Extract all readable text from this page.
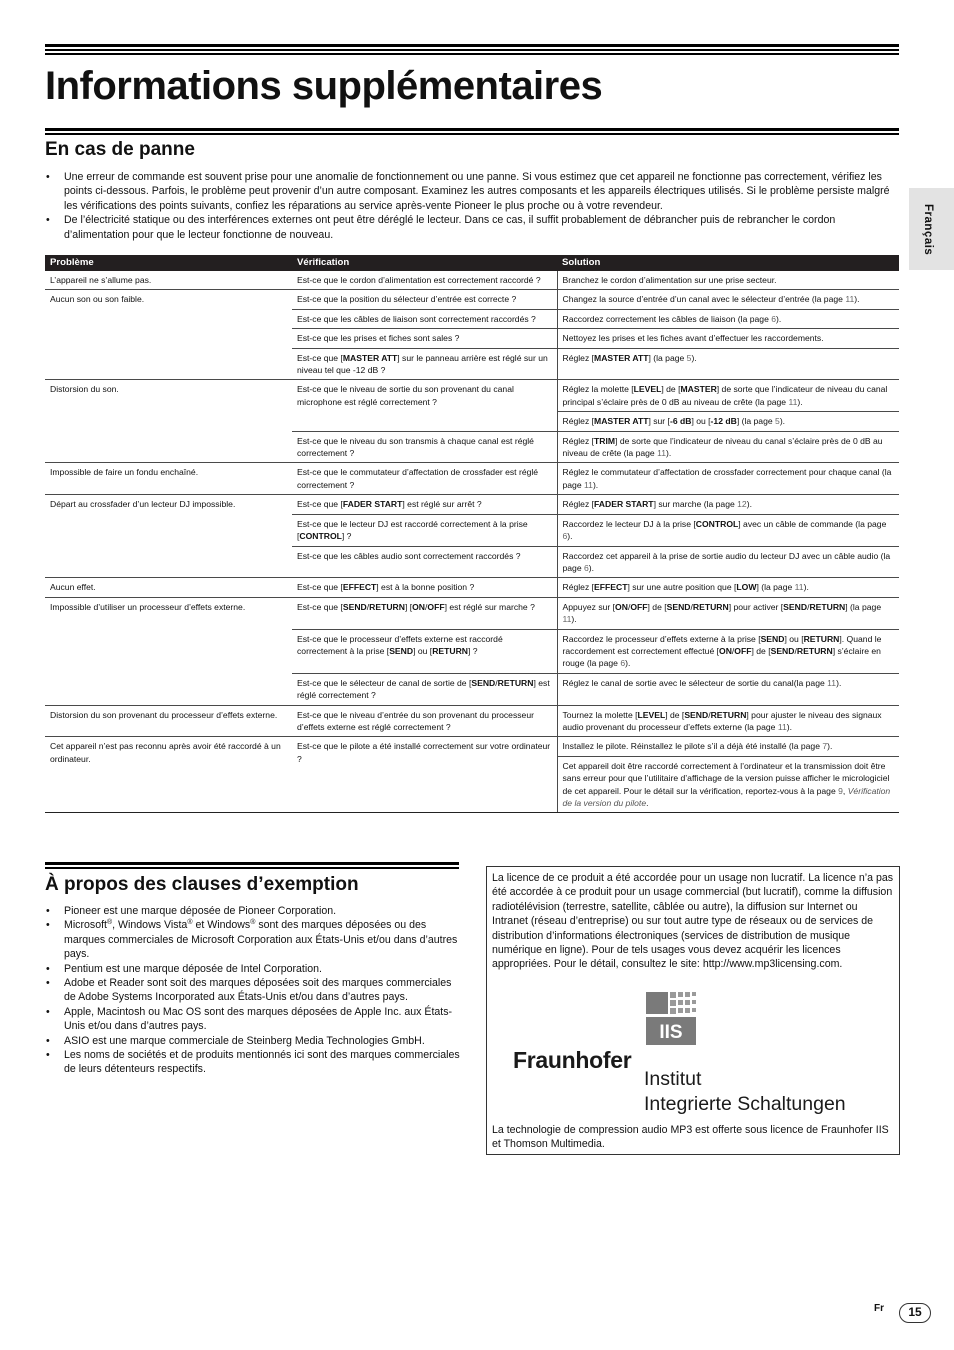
Informations supplémentaires
Français
En cas de panne
• Une erreur de commande est souvent prise pour une anomalie de fonctionnement ou une panne. Si vous estimez que cet appareil ne fonctionne pas correctement, vérifiez les points ci-dessous. Parfois, le problème peut provenir d’un autre composant. Examinez les autres composants et les appareils électriques utilisés. Si le problème persiste malgré les vérifications des points suivants, confiez les réparations au service après-vente Pioneer le plus proche ou à votre revendeur.
• De l’électricité statique ou des interférences externes ont peut être déréglé le lecteur. Dans ce cas, il suffit probablement de débrancher puis de rebrancher le cordon d’alimentation pour que le lecteur fonctionne de nouveau.
Problème	Vérification	Solution
L’appareil ne s’allume pas.	Est-ce que le cordon d’alimentation est correctement raccordé ?	Branchez le cordon d’alimentation sur une prise secteur.
Aucun son ou son faible.	Est-ce que la position du sélecteur d’entrée est correcte ?	Changez la source d’entrée d’un canal avec le sélecteur d’entrée (la page 11).
	Est-ce que les câbles de liaison sont correctement raccordés ?	Raccordez correctement les câbles de liaison (la page 6).
	Est-ce que les prises et fiches sont sales ?	Nettoyez les prises et les fiches avant d’effectuer les raccordements.
	Est-ce que [MASTER ATT] sur le panneau arrière est réglé sur un niveau tel que -12 dB ?	Réglez [MASTER ATT] (la page 5).
Distorsion du son.	Est-ce que le niveau de sortie du son provenant du canal microphone est réglé correctement ?	Réglez la molette [LEVEL] de [MASTER] de sorte que l’indicateur de niveau du canal principal s’éclaire près de 0 dB au niveau de crête (la page 11).
		Réglez [MASTER ATT] sur [-6 dB] ou [-12 dB] (la page 5).
	Est-ce que le niveau du son transmis à chaque canal est réglé correctement ?	Réglez [TRIM] de sorte que l’indicateur de niveau du canal s’éclaire près de 0 dB au niveau de crête (la page 11).
Impossible de faire un fondu enchaîné.	Est-ce que le commutateur d’affectation de crossfader est réglé correctement ?	Réglez le commutateur d’affectation de crossfader correctement pour chaque canal (la page 11).
Départ au crossfader d’un lecteur DJ impossible.	Est-ce que [FADER START] est réglé sur arrêt ?	Réglez [FADER START] sur marche (la page 12).
	Est-ce que le lecteur DJ est raccordé correctement à la prise [CONTROL] ?	Raccordez le lecteur DJ à la prise [CONTROL] avec un câble de commande (la page 6).
	Est-ce que les câbles audio sont correctement raccordés ?	Raccordez cet appareil à la prise de sortie audio du lecteur DJ avec un câble audio (la page 6).
Aucun effet.	Est-ce que [EFFECT] est à la bonne position ?	Réglez [EFFECT] sur une autre position que [LOW] (la page 11).
Impossible d’utiliser un processeur d’effets externe.	Est-ce que [SEND/RETURN] [ON/OFF] est réglé sur marche ?	Appuyez sur [ON/OFF] de [SEND/RETURN] pour activer [SEND/RETURN] (la page 11).
	Est-ce que le processeur d’effets externe est raccordé correctement à la prise [SEND] ou [RETURN] ?	Raccordez le processeur d’effets externe à la prise [SEND] ou [RETURN]. Quand le raccordement est correctement effectué [ON/OFF] de [SEND/RETURN] s’éclaire en rouge (la page 6).
	Est-ce que le sélecteur de canal de sortie de [SEND/RETURN] est réglé correctement ?	Réglez le canal de sortie avec le sélecteur de sortie du canal(la page 11).
Distorsion du son provenant du processeur d’effets externe.	Est-ce que le niveau d’entrée du son provenant du processeur d’effets externe est réglé correctement ?	Tournez la molette [LEVEL] de [SEND/RETURN] pour ajuster le niveau des signaux audio provenant du processeur d’effets externe (la page 11).
Cet appareil n’est pas reconnu après avoir été raccordé à un ordinateur.	Est-ce que le pilote a été installé correctement sur votre ordinateur ?	Installez le pilote. Réinstallez le pilote s’il a déjà été installé (la page 7).
		Cet appareil doit être raccordé correctement à l’ordinateur et la transmission doit être sans erreur pour que l’utilitaire d’affichage de la version puisse afficher le micrologiciel de cet appareil. Pour le détail sur la vérification, reportez-vous à la page 9, Vérification de la version du pilote.
À propos des clauses d’exemption
• Pioneer est une marque déposée de Pioneer Corporation.
• Microsoft®, Windows Vista® et Windows® sont des marques déposées ou des marques commerciales de Microsoft Corporation aux États-Unis et/ou dans d’autres pays.
• Pentium est une marque déposée de Intel Corporation.
• Adobe et Reader sont soit des marques déposées soit des marques commerciales de Adobe Systems Incorporated aux États-Unis et/ou dans d’autres pays.
• Apple, Macintosh ou Mac OS sont des marques déposées de Apple Inc. aux États-Unis et/ou dans d’autres pays.
• ASIO est une marque commerciale de Steinberg Media Technologies GmbH.
• Les noms de sociétés et de produits mentionnés ici sont des marques commerciales de leurs détenteurs respectifs.
La licence de ce produit a été accordée pour un usage non lucratif. La licence n’a pas été accordée à ce produit pour un usage commercial (but lucratif), comme la diffusion radiotélévision (terrestre, satellite, câblée ou autre), la diffusion sur Internet ou Intranet (réseau d’entreprise) ou sur tout autre type de réseaux ou de services de distribution d’informations électroniques (services de distribution de musique numérique en ligne). Pour de tels usages vous devez acquérir les licences appropriées. Pour le détail, consultez le site: http://www.mp3licensing.com.
IIS
Fraunhofer
Institut
Integrierte Schaltungen
La technologie de compression audio MP3 est offerte sous licence de Fraunhofer IIS et Thomson Multimedia.
Fr	15
